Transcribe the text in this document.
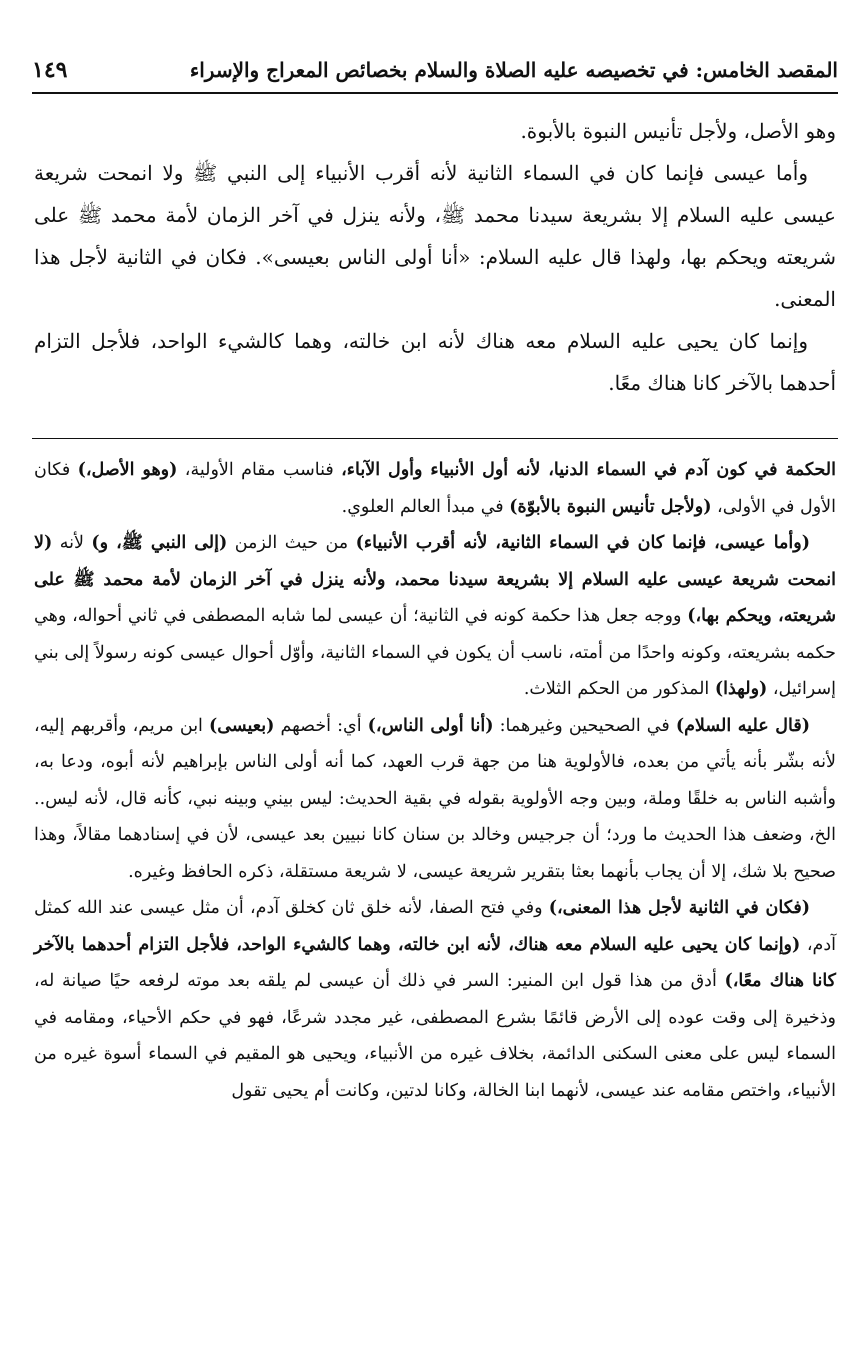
المقصد الخامس: في تخصيصه عليه الصلاة والسلام بخصائص المعراج والإسراء
١٤٩

وهو الأصل، ولأجل تأنيس النبوة بالأبوة.

وأما عيسى فإنما كان في السماء الثانية لأنه أقرب الأنبياء إلى النبي ﷺ ولا انمحت شريعة عيسى عليه السلام إلا بشريعة سيدنا محمد ﷺ، ولأنه ينزل في آخر الزمان لأمة محمد ﷺ على شريعته ويحكم بها، ولهذا قال عليه السلام: «أنا أولى الناس بعيسى». فكان في الثانية لأجل هذا المعنى.

وإنما كان يحيى عليه السلام معه هناك لأنه ابن خالته، وهما كالشيء الواحد، فلأجل التزام أحدهما بالآخر كانا هناك معًا.

الحكمة في كون آدم في السماء الدنيا، لأنه أول الأنبياء وأول الآباء، فناسب مقام الأولية، (وهو الأصل،) فكان الأول في الأولى، (ولأجل تأنيس النبوة بالأبوّة) في مبدأ العالم العلوي.

(وأما عيسى، فإنما كان في السماء الثانية، لأنه أقرب الأنبياء) من حيث الزمن (إلى النبي ﷺ، و) لأنه (لا انمحت شريعة عيسى عليه السلام إلا بشريعة سيدنا محمد، ولأنه ينزل في آخر الزمان لأمة محمد ﷺ على شريعته، ويحكم بها،) ووجه جعل هذا حكمة كونه في الثانية؛ أن عيسى لما شابه المصطفى في ثاني أحواله، وهي حكمه بشريعته، وكونه واحدًا من أمته، ناسب أن يكون في السماء الثانية، وأوّل أحوال عيسى كونه رسولاً إلى بني إسرائيل، (ولهذا) المذكور من الحكم الثلاث.

(قال عليه السلام) في الصحيحين وغيرهما: (أنا أولى الناس،) أي: أخصهم (بعيسى) ابن مريم، وأقربهم إليه، لأنه بشّر بأنه يأتي من بعده، فالأولوية هنا من جهة قرب العهد، كما أنه أولى الناس بإبراهيم لأنه أبوه، ودعا به، وأشبه الناس به خلقًا وملة، وبين وجه الأولوية بقوله في بقية الحديث: ليس بيني وبينه نبي، كأنه قال، لأنه ليس.. الخ، وضعف هذا الحديث ما ورد؛ أن جرجيس وخالد بن سنان كانا نبيين بعد عيسى، لأن في إسنادهما مقالاً، وهذا صحيح بلا شك، إلا أن يجاب بأنهما بعثا بتقرير شريعة عيسى، لا شريعة مستقلة، ذكره الحافظ وغيره.

(فكان في الثانية لأجل هذا المعنى،) وفي فتح الصفا، لأنه خلق ثان كخلق آدم، أن مثل عيسى عند الله كمثل آدم، (وإنما كان يحيى عليه السلام معه هناك، لأنه ابن خالته، وهما كالشيء الواحد، فلأجل التزام أحدهما بالآخر كانا هناك معًا،) أدق من هذا قول ابن المنير: السر في ذلك أن عيسى لم يلقه بعد موته لرفعه حيًا صيانة له، وذخيرة إلى وقت عوده إلى الأرض قائمًا بشرع المصطفى، غير مجدد شرعًا، فهو في حكم الأحياء، ومقامه في السماء ليس على معنى السكنى الدائمة، بخلاف غيره من الأنبياء، ويحيى هو المقيم في السماء أسوة غيره من الأنبياء، واختص مقامه عند عيسى، لأنهما ابنا الخالة، وكانا لدتين، وكانت أم يحيى تقول
